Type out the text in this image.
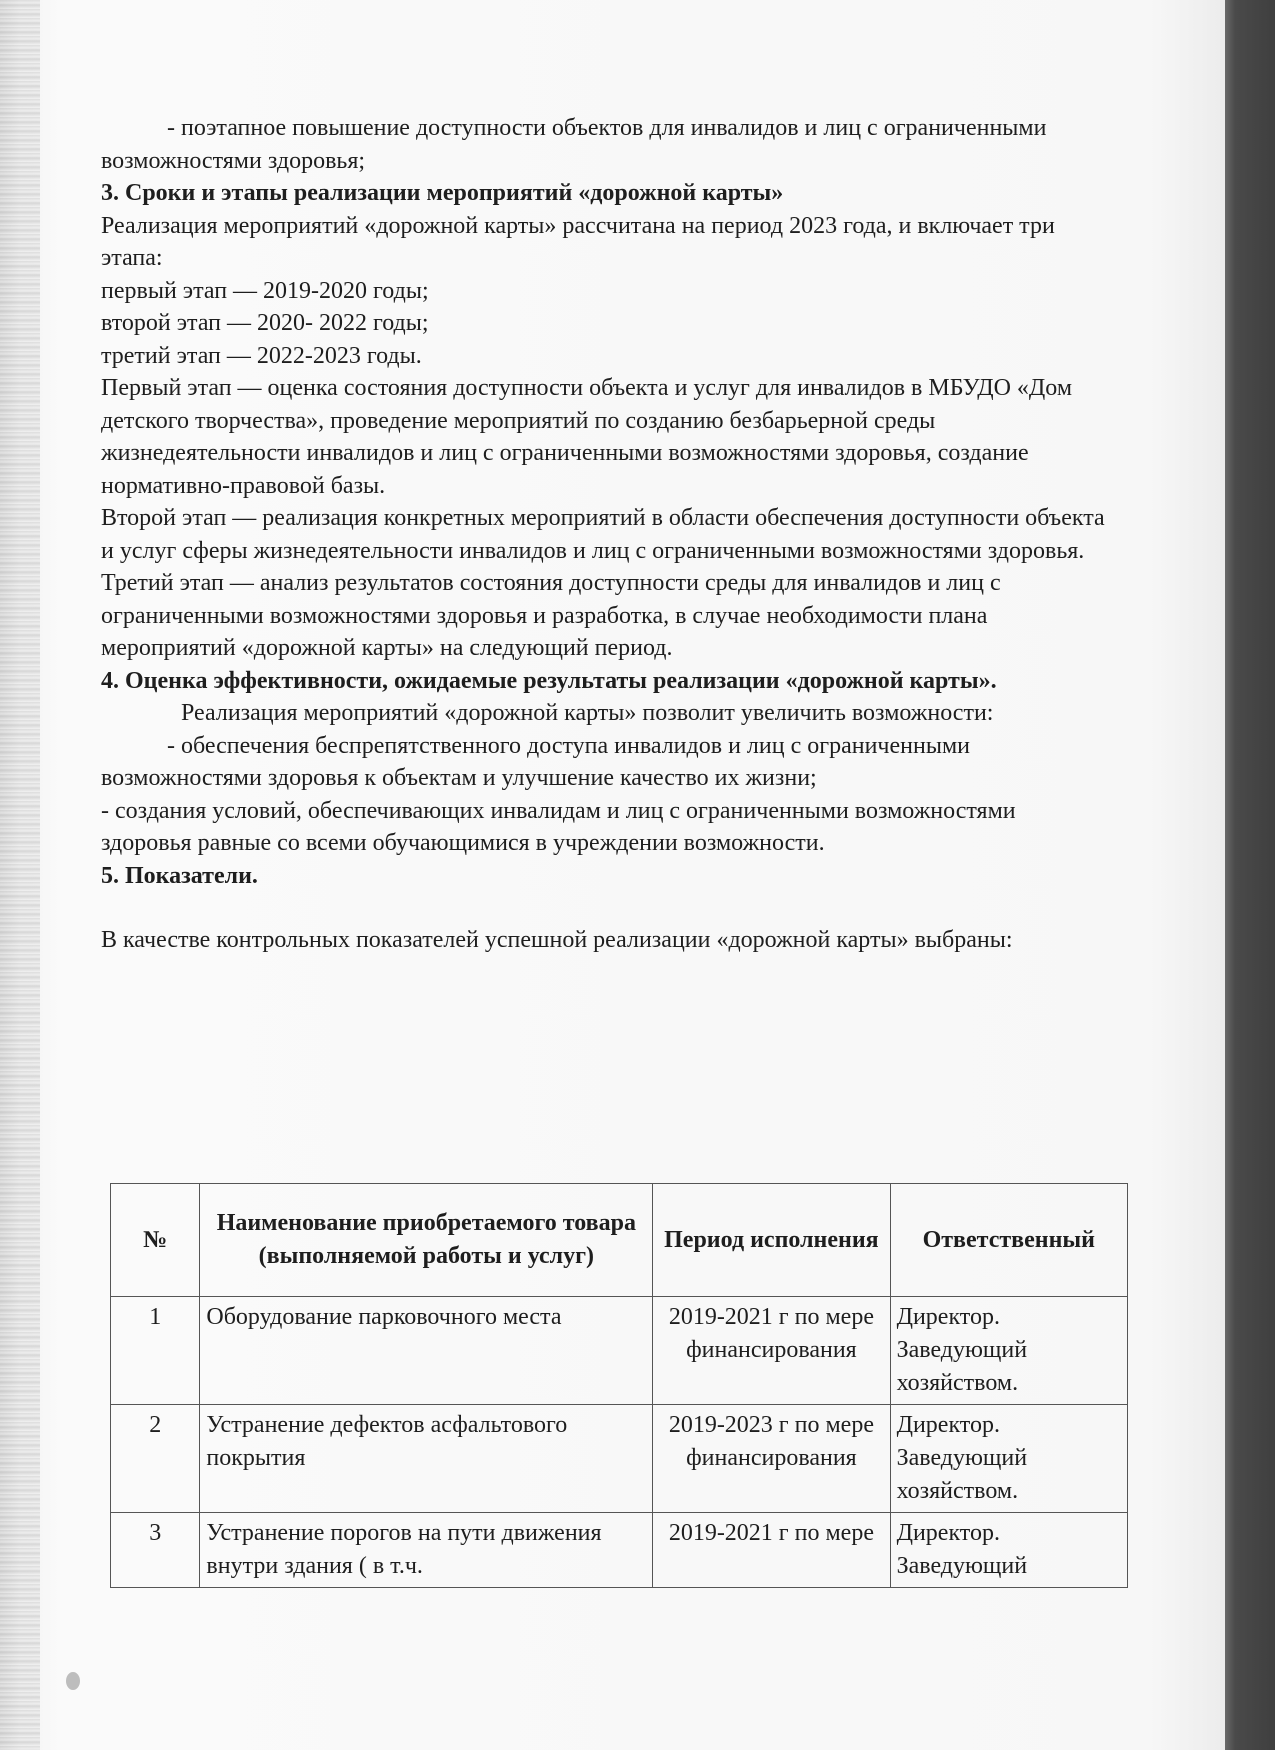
- поэтапное повышение доступности объектов для инвалидов и лиц с ограниченными возможностями здоровья;

3. Сроки и этапы реализации мероприятий «дорожной карты»

Реализация мероприятий «дорожной карты» рассчитана на период 2023 года, и включает три этапа:

первый этап — 2019-2020 годы;

второй этап — 2020- 2022 годы;

третий этап — 2022-2023 годы.

Первый этап — оценка состояния доступности объекта и услуг для инвалидов в МБУДО «Дом детского творчества», проведение мероприятий по созданию безбарьерной среды жизнедеятельности инвалидов и лиц с ограниченными возможностями здоровья, создание нормативно-правовой базы.

Второй этап — реализация конкретных мероприятий в области обеспечения доступности объекта и услуг сферы жизнедеятельности инвалидов и лиц с ограниченными возможностями здоровья.

Третий этап — анализ результатов состояния доступности среды для инвалидов и лиц с ограниченными возможностями здоровья и разработка, в случае необходимости плана мероприятий «дорожной карты» на следующий период.

4. Оценка эффективности, ожидаемые результаты реализации «дорожной карты».

Реализация мероприятий «дорожной карты» позволит увеличить возможности:

- обеспечения беспрепятственного доступа инвалидов и лиц с ограниченными возможностями здоровья к объектам и улучшение качество их жизни;

- создания условий, обеспечивающих инвалидам и лиц с ограниченными возможностями здоровья равные со всеми обучающимися в учреждении возможности.

5. Показатели.

В качестве контрольных показателей успешной реализации «дорожной карты» выбраны:

№	Наименование приобретаемого товара (выполняемой работы и услуг)	Период исполнения	Ответственный
1	Оборудование парковочного места	2019-2021 г по мере финансирования	Директор. Заведующий хозяйством.
2	Устранение дефектов асфальтового покрытия	2019-2023 г по мере финансирования	Директор. Заведующий хозяйством.
3	Устранение порогов на пути движения внутри здания ( в т.ч.	2019-2021 г по мере	Директор. Заведующий
